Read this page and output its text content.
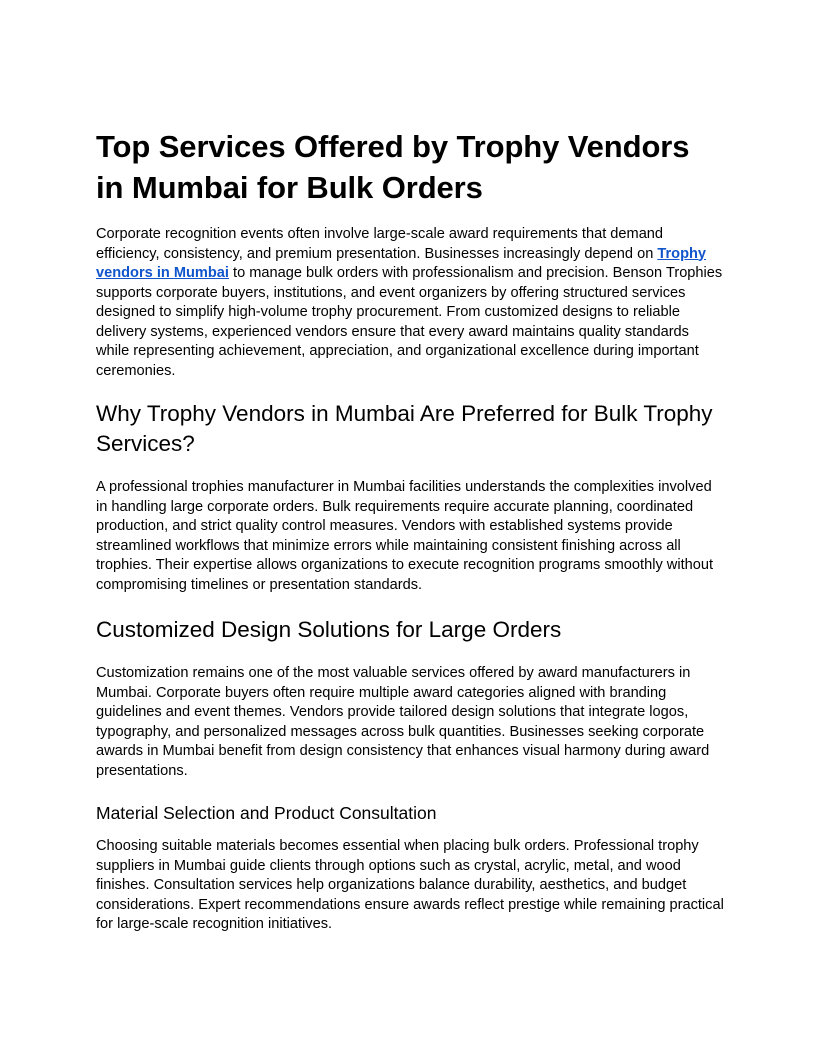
Top Services Offered by Trophy Vendors in Mumbai for Bulk Orders

Corporate recognition events often involve large-scale award requirements that demand efficiency, consistency, and premium presentation. Businesses increasingly depend on Trophy vendors in Mumbai to manage bulk orders with professionalism and precision. Benson Trophies supports corporate buyers, institutions, and event organizers by offering structured services designed to simplify high-volume trophy procurement. From customized designs to reliable delivery systems, experienced vendors ensure that every award maintains quality standards while representing achievement, appreciation, and organizational excellence during important ceremonies.

Why Trophy Vendors in Mumbai Are Preferred for Bulk Trophy Services?

A professional trophies manufacturer in Mumbai facilities understands the complexities involved in handling large corporate orders. Bulk requirements require accurate planning, coordinated production, and strict quality control measures. Vendors with established systems provide streamlined workflows that minimize errors while maintaining consistent finishing across all trophies. Their expertise allows organizations to execute recognition programs smoothly without compromising timelines or presentation standards.

Customized Design Solutions for Large Orders

Customization remains one of the most valuable services offered by award manufacturers in Mumbai. Corporate buyers often require multiple award categories aligned with branding guidelines and event themes. Vendors provide tailored design solutions that integrate logos, typography, and personalized messages across bulk quantities. Businesses seeking corporate awards in Mumbai benefit from design consistency that enhances visual harmony during award presentations.

Material Selection and Product Consultation

Choosing suitable materials becomes essential when placing bulk orders. Professional trophy suppliers in Mumbai guide clients through options such as crystal, acrylic, metal, and wood finishes. Consultation services help organizations balance durability, aesthetics, and budget considerations. Expert recommendations ensure awards reflect prestige while remaining practical for large-scale recognition initiatives.
